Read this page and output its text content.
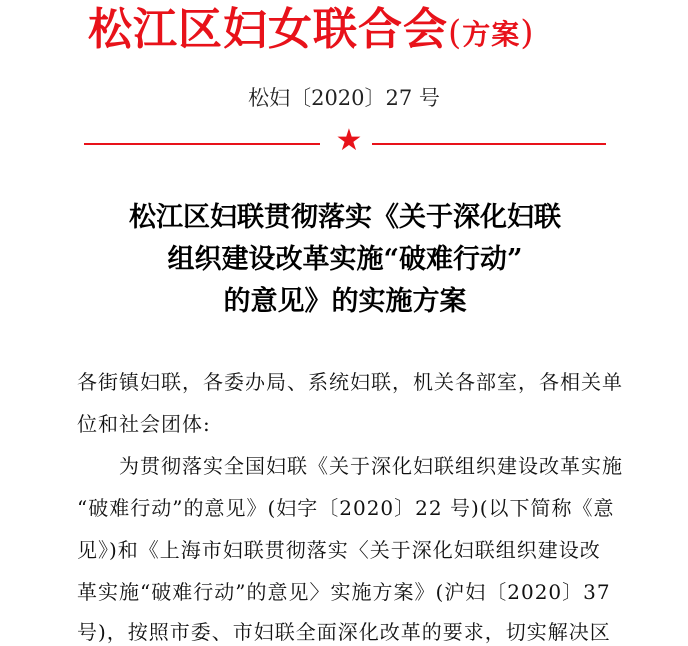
松江区妇女联合会(方案)
松妇〔2020〕27 号
★
松江区妇联贯彻落实《关于深化妇联
组织建设改革实施“破难行动”
的意见》的实施方案
各街镇妇联，各委办局、系统妇联，机关各部室，各相关单
位和社会团体:
　　为贯彻落实全国妇联《关于深化妇联组织建设改革实施
“破难行动”的意见》(妇字〔2020〕22 号)(以下简称《意
见》)和《上海市妇联贯彻落实〈关于深化妇联组织建设改
革实施“破难行动”的意见〉实施方案》(沪妇〔2020〕37
号)，按照市委、市妇联全面深化改革的要求，切实解决区
